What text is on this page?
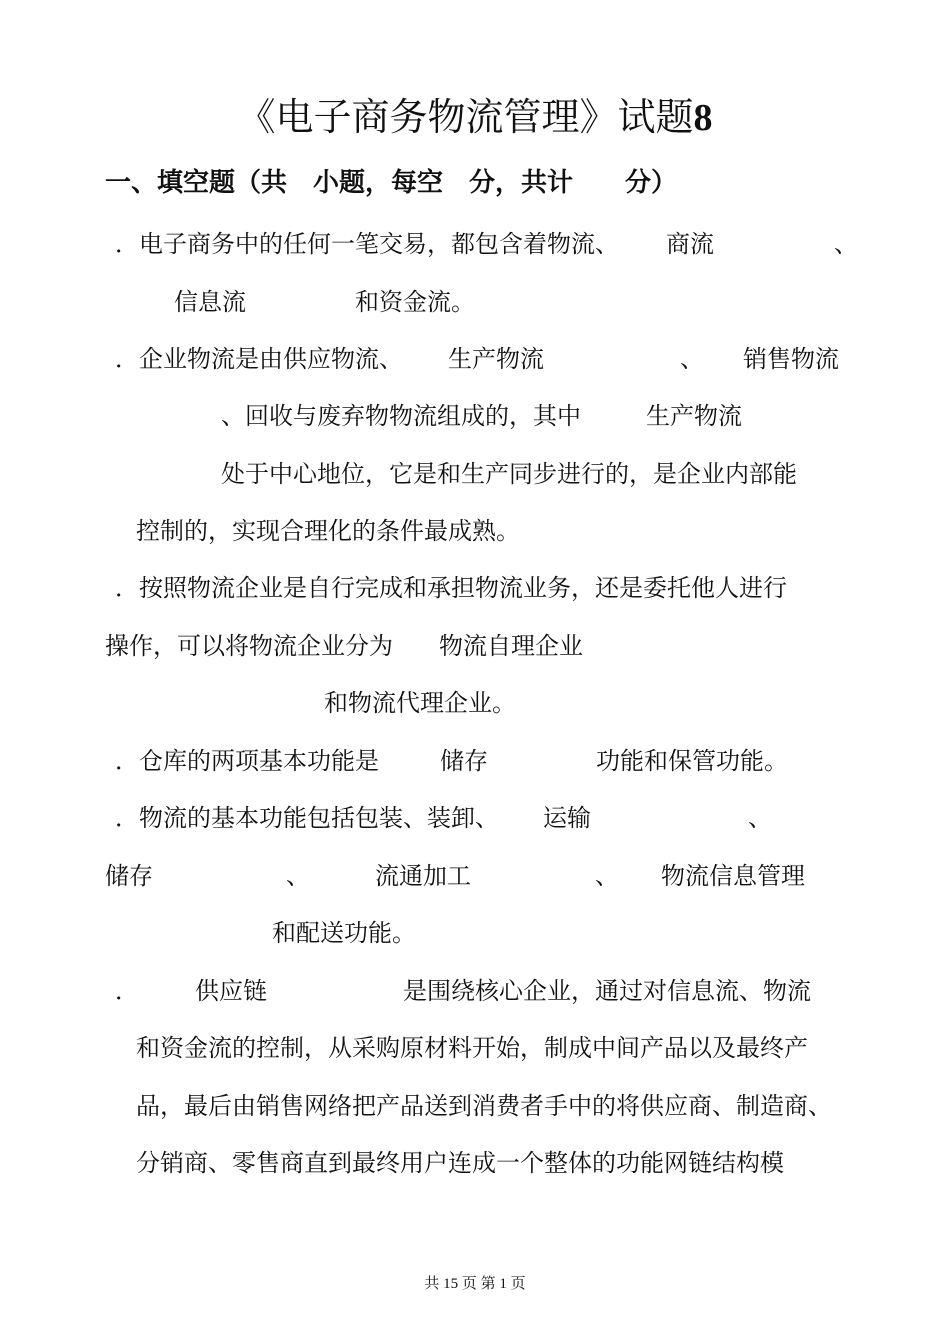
《电子商务物流管理》试题8
一、填空题（共　小题，每空　分，共计　　分）
．电子商务中的任何一笔交易，都包含着物流、 商流	、
信息流	和资金流。
．企业物流是由供应物流、 生产物流	、 销售物流
、回收与废弃物物流组成的，其中	生产物流
处于中心地位，它是和生产同步进行的，是企业内部能
控制的，实现合理化的条件最成熟。
．按照物流企业是自行完成和承担物流业务，还是委托他人进行
操作，可以将物流企业分为 物流自理企业
和物流代理企业。
．仓库的两项基本功能是	储存	功能和保管功能。
．物流的基本功能包括包装、装卸、 运输	、
储存	、	流通加工	、 物流信息管理
和配送功能。
． 供应链	是围绕核心企业，通过对信息流、物流
和资金流的控制，从采购原材料开始，制成中间产品以及最终产
品，最后由销售网络把产品送到消费者手中的将供应商、制造商、
分销商、零售商直到最终用户连成一个整体的功能网链结构模
共 15 页 第 1 页
